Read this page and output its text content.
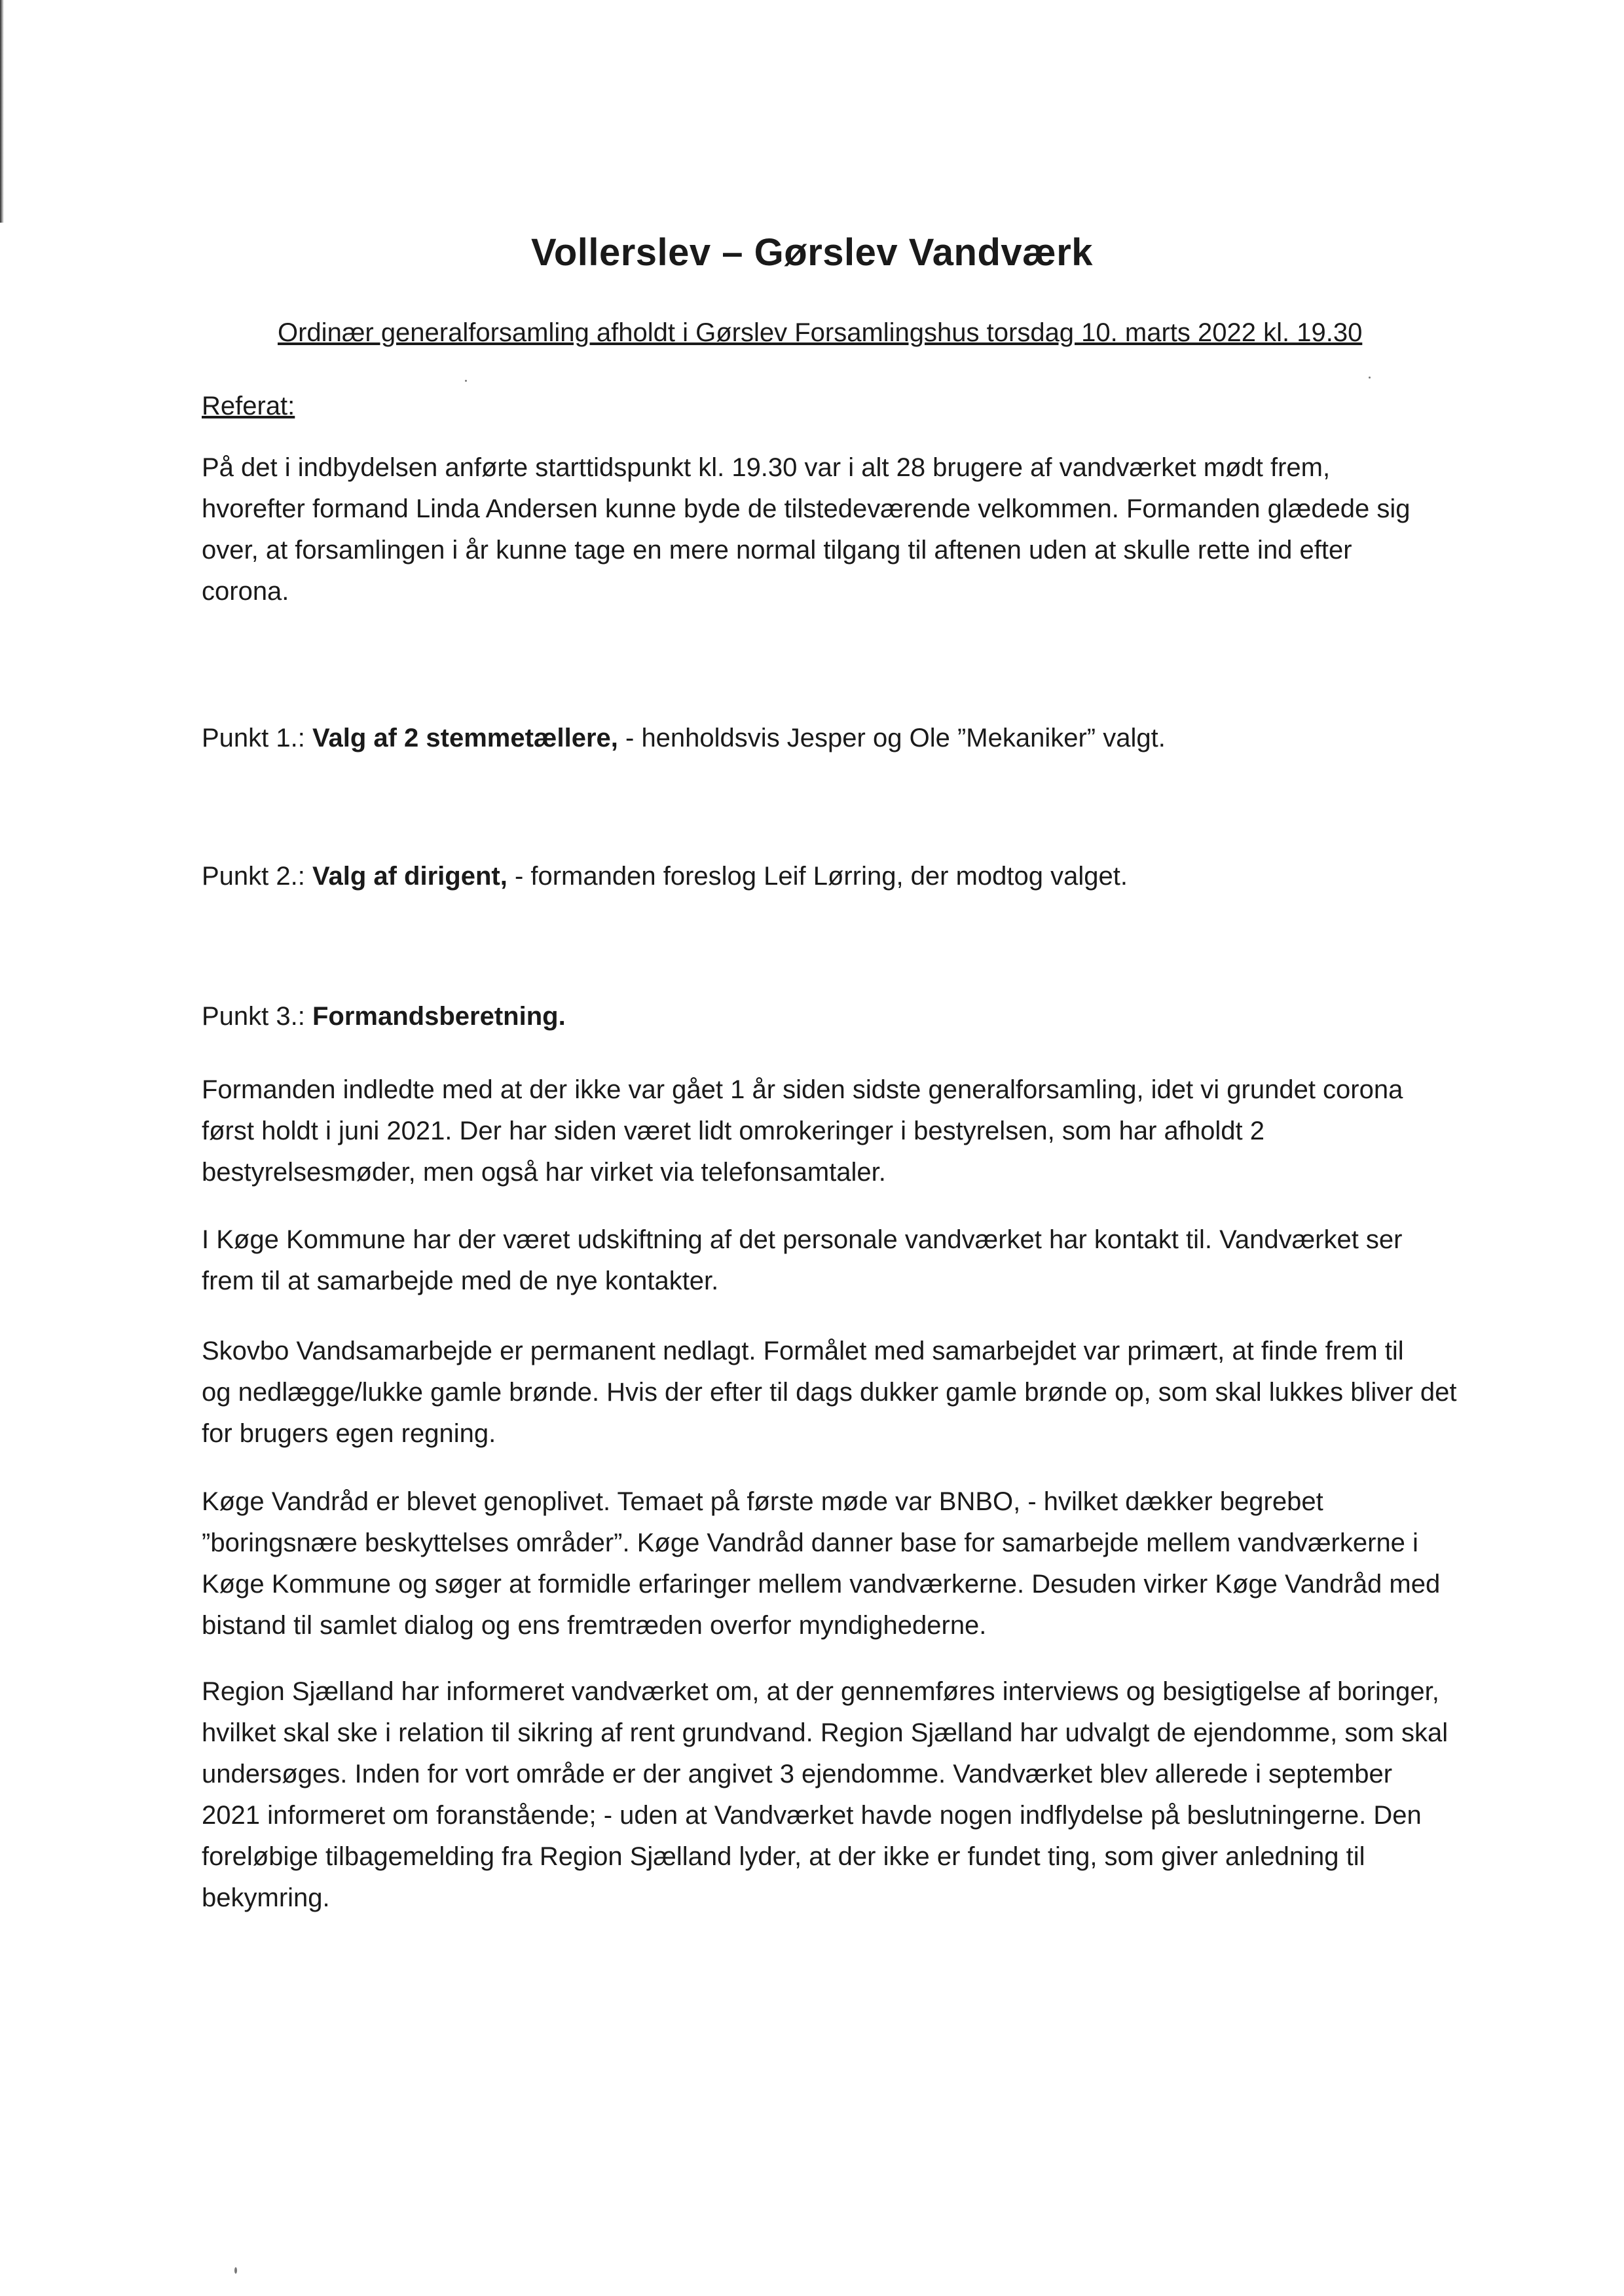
Vollerslev – Gørslev Vandværk
Ordinær generalforsamling afholdt i Gørslev Forsamlingshus torsdag 10. marts 2022 kl. 19.30
Referat:
På det i indbydelsen anførte starttidspunkt kl. 19.30 var i alt 28 brugere af vandværket mødt frem,
hvorefter formand Linda Andersen kunne byde de tilstedeværende velkommen. Formanden glædede sig
over, at forsamlingen i år kunne tage en mere normal tilgang til aftenen uden at skulle rette ind efter
corona.
Punkt 1.: Valg af 2 stemmetællere, - henholdsvis Jesper og Ole ”Mekaniker” valgt.
Punkt 2.: Valg af dirigent, - formanden foreslog Leif Lørring, der modtog valget.
Punkt 3.: Formandsberetning.
Formanden indledte med at der ikke var gået 1 år siden sidste generalforsamling, idet vi grundet corona
først holdt i juni 2021. Der har siden været lidt omrokeringer i bestyrelsen, som har afholdt 2
bestyrelsesmøder, men også har virket via telefonsamtaler.
I Køge Kommune har der været udskiftning af det personale vandværket har kontakt til. Vandværket ser
frem til at samarbejde med de nye kontakter.
Skovbo Vandsamarbejde er permanent nedlagt. Formålet med samarbejdet var primært, at finde frem til
og nedlægge/lukke gamle brønde. Hvis der efter til dags dukker gamle brønde op, som skal lukkes bliver det
for brugers egen regning.
Køge Vandråd er blevet genoplivet. Temaet på første møde var BNBO, - hvilket dækker begrebet
”boringsnære beskyttelses områder”. Køge Vandråd danner base for samarbejde mellem vandværkerne i
Køge Kommune og søger at formidle erfaringer mellem vandværkerne. Desuden virker Køge Vandråd med
bistand til samlet dialog og ens fremtræden overfor myndighederne.
Region Sjælland har informeret vandværket om, at der gennemføres interviews og besigtigelse af boringer,
hvilket skal ske i relation til sikring af rent grundvand. Region Sjælland har udvalgt de ejendomme, som skal
undersøges. Inden for vort område er der angivet 3 ejendomme. Vandværket blev allerede i september
2021 informeret om foranstående; - uden at Vandværket havde nogen indflydelse på beslutningerne. Den
foreløbige tilbagemelding fra Region Sjælland lyder, at der ikke er fundet ting, som giver anledning til
bekymring.
